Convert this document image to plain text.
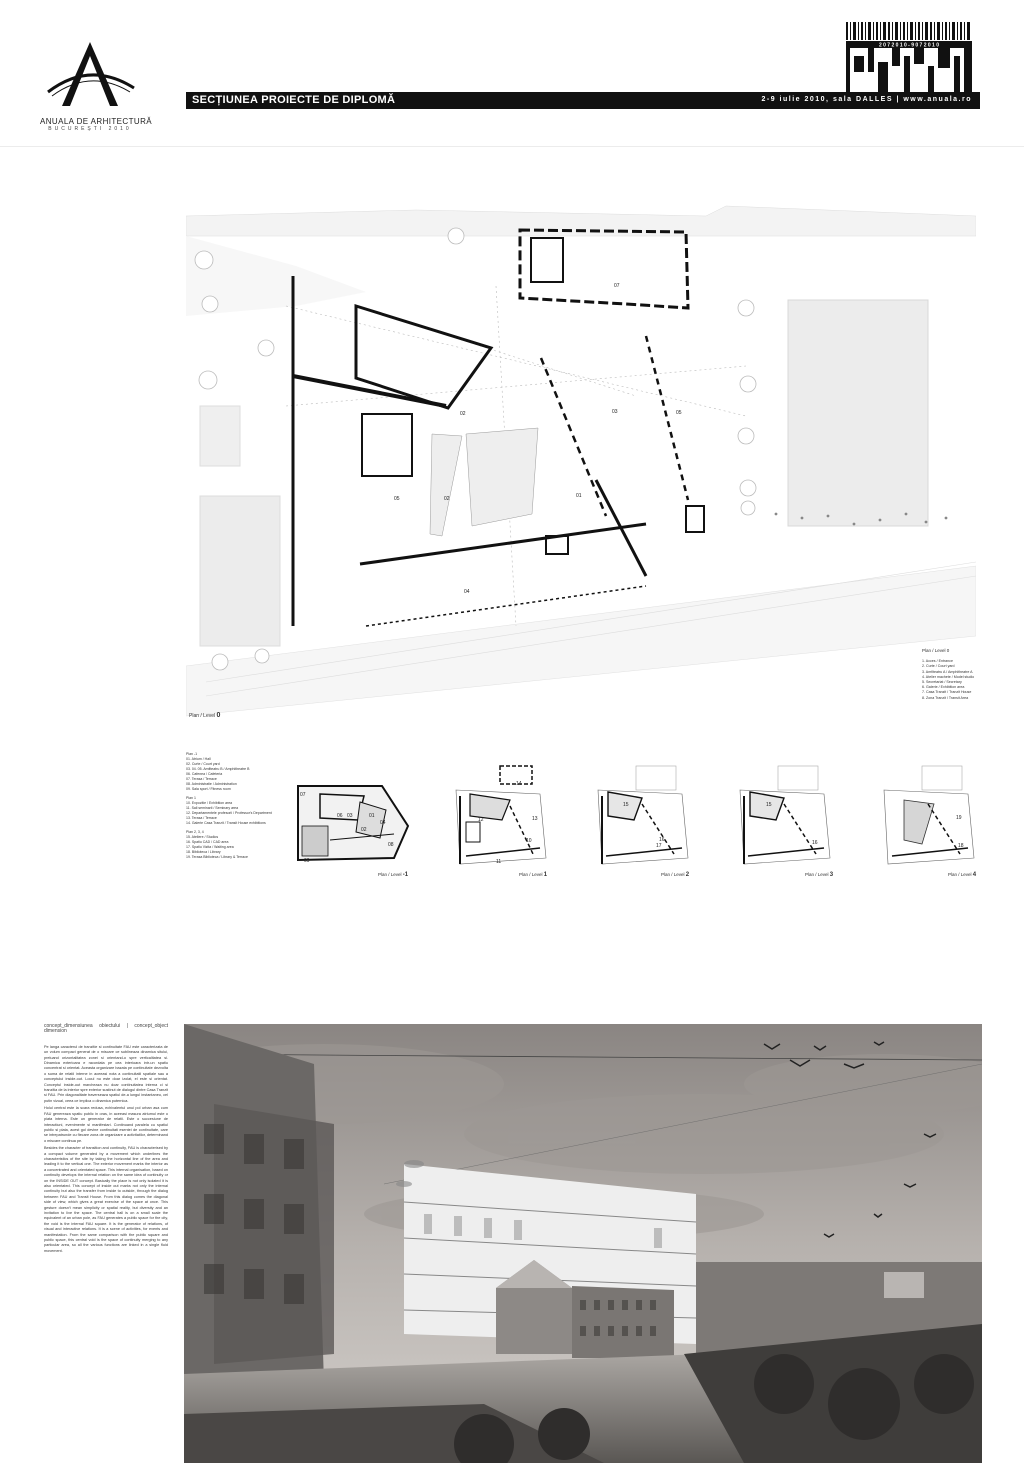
ANUALA DE ARHITECTURĂ
BUCUREȘTI 2010
2 0 7 2 0 1 0 - 9 0 7 2 0 1 0
SECȚIUNEA PROIECTE DE DIPLOMĂ	2-9 iulie 2010, sala DALLES | www.anuala.ro
07
03
02	05
02	01
04
05
Plan / Level 0
Plan / Level 0
1. Acces / Entrance
2. Curte / Court yard
3. Amfiteatru A / Amphitheatre A
4. Atelier machete / Model studio
5. Secretariat / Secretary
6. Galerie / Exhibition area
7. Casa Tranzit / Tranzit House
8. Zona Tranzit / Transit Area
Plan -1
01. Atrium / Hall
02. Curte / Court yard
03. 04. 05. Amfiteatru B / Amphitheatre B
06. Cafenea / Cafeteria
07. Terasa / Terrace
08. Administratie / Administration
09. Sala sport / Fitness room
Plan 1
10. Expozitie / Exhibition area
11. Sali seminarii / Seminary area
12. Departamentele profesorii / Professor's Department
13. Terasa / Terrace
14. Galerie Casa Tranzit / Transit House exhibitions
Plan 2, 3, 4
15. Ateliere / Studios
16. Spatiu CAD / CAD area
17. Spatiu Vizita / Waiting area
18. Biblioteca / Library
19. Terasa Biblioteca / Library & Terrace
07
03
04
08
02
06
09
01
Plan / Level -1
14
10
13
11
12
Plan / Level 1
15
16
17
Plan / Level 2
15
16
Plan / Level 3
19
18
Plan / Level 4
concept_dimensiunea obiectului | concept_object dimension

Pe langa caracterul de tranzitie si continuitate FAU este caracterizata de un volum compact generat de o miscare ce sublineaza dinamica sitului, preluand orizontalitatea zonei si orientand-o spre verticalitatea si. Dinamica exterioara e racordata pe cea interioara intr-un spatiu concentrat si orientat. Aceasta organizare bazata pe continuitate dezvolta o suma de relatii interne in aceeasi nota a continuitatii spatiale sau a conceptului inside-out. Locul nu este doar izolat, el este si orientat. Conceptul inside-out marcheaza nu doar continuitatea interna ci si tranzitia de la interior spre exterior sustinut de dialogul dintre Casa Tranzit si FAU. Prin diagonalitate traverseaza spatiul de-a lungul instantaneu, cel putin vizual, ceea ce implica o dinamica puternica.

Holul central este la scara redusa, echivalentul unui pol urban asa cum FAU genereaza spatiu public in oras, in aceeasi masura atriumul este o piata interna. Este un generator de relatii. Este o succesiune de interactiuni, evenimente si manifestari. Continuand paralela cu spatiul public si piata, acest gol devine continuitati esentei de continuitate, care se intrepatrunde cu fiecare zona de organizare a activitatilor, determinand o miscare continua pe.

Besides the character of transition and continuity, FAU is characterised by a compact volume generated by a movement which underlines the characteristics of the site by taking the horizontal line of the area and leading it to the vertical one. The exterior movement marks the interior as a concentrated and orientated space. This internal organisation, based on continuity develops the internal relation on the same idea of continuity or on the INSIDE OUT concept. Basically the place is not only isolated it is also orientated. This concept of inside out marks not only the internal continuity but also the transfer from inside to outside, through the dialog between FAU and Transit House. From this dialog comes the diagonal side of view, which gives a great exercise of the space at once. This gesture doesn't mean simplicity or spatial reality, but diversity and an invitation to live the space. The central hall is on a small scale the equivalent of an urban pole, as FAU generates a public space for the city, the void is the internal FAU square. It is the generator of relations, of visual and interactive relations. It is a scene of activities, for events and manifestation. From the same comparison with the public square and public space, this central void is the space of continuity merging to any particular area, so all the various functions are linked in a single fluid movement.
